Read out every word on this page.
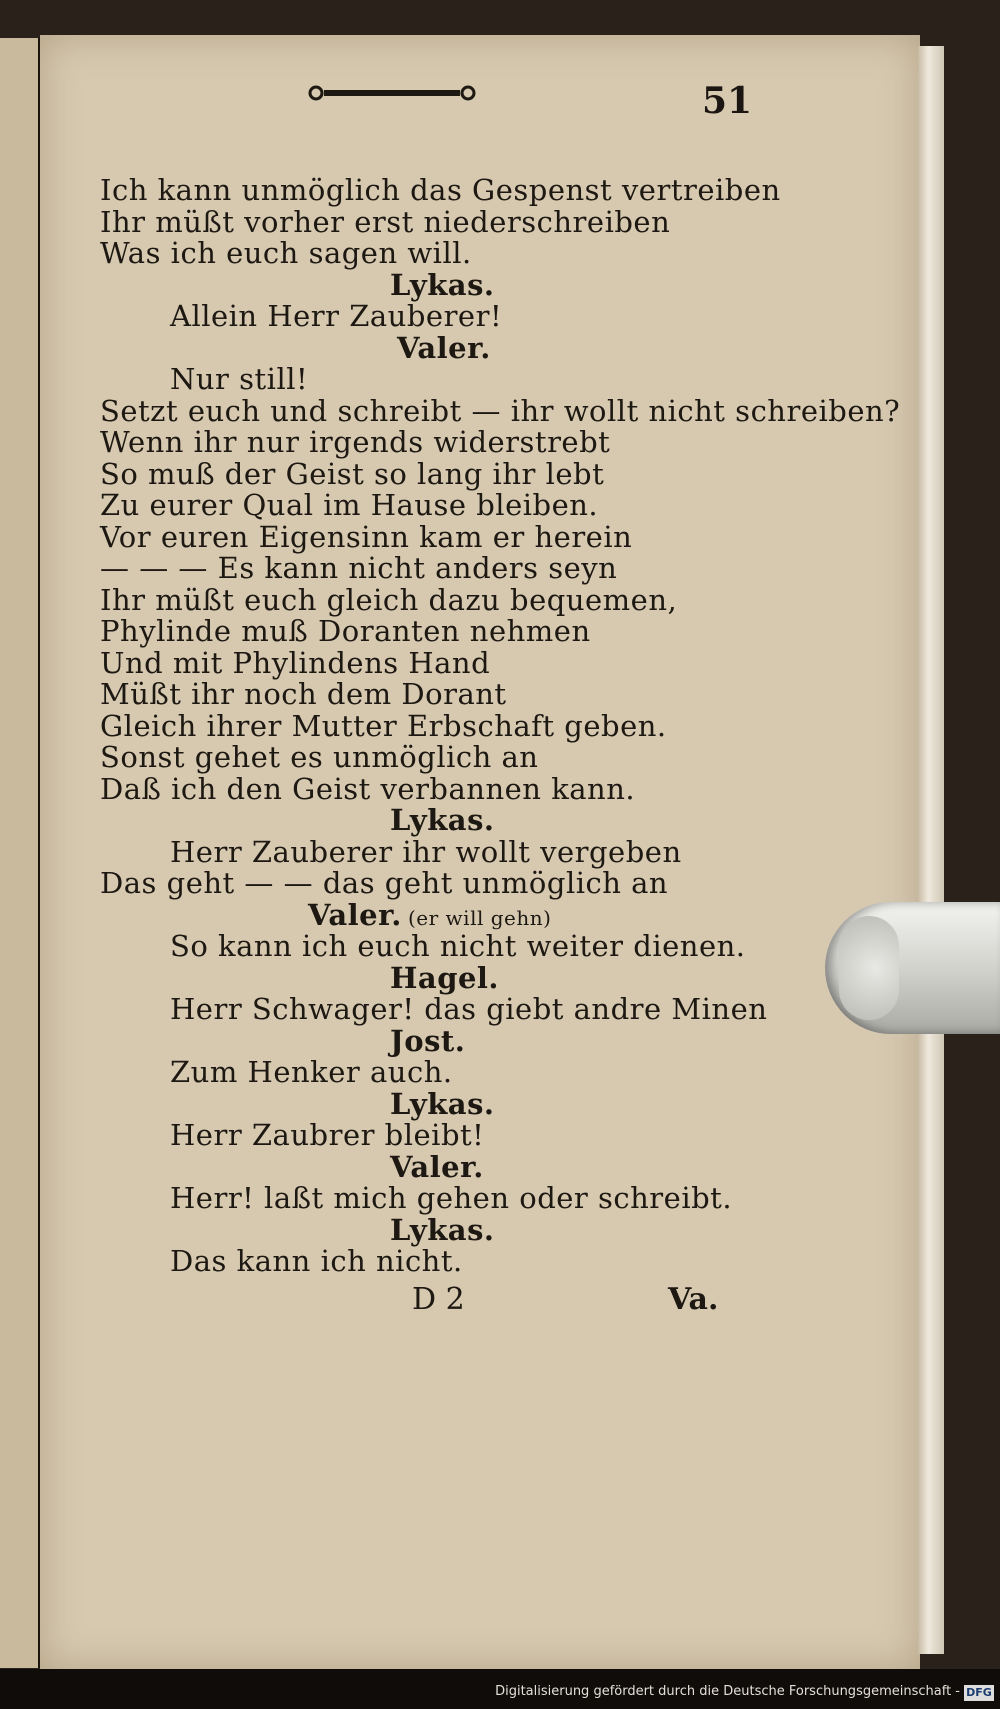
51
Ich kann unmöglich das Gespenst vertreiben
Ihr müßt vorher erst niederschreiben
Was ich euch sagen will.
Lykas.
Allein Herr Zauberer!
Valer.
Nur still!
Setzt euch und schreibt — ihr wollt nicht schreiben?
Wenn ihr nur irgends widerstrebt
So muß der Geist so lang ihr lebt
Zu eurer Qual im Hause bleiben.
Vor euren Eigensinn kam er herein
— — — Es kann nicht anders seyn
Ihr müßt euch gleich dazu bequemen,
Phylinde muß Doranten nehmen
Und mit Phylindens Hand
Müßt ihr noch dem Dorant
Gleich ihrer Mutter Erbschaft geben.
Sonst gehet es unmöglich an
Daß ich den Geist verbannen kann.
Lykas.
Herr Zauberer ihr wollt vergeben
Das geht — — das geht unmöglich an
Valer. (er will gehn)
So kann ich euch nicht weiter dienen.
Hagel.
Herr Schwager! das giebt andre Minen
Jost.
Zum Henker auch.
Lykas.
Herr Zaubrer bleibt!
Valer.
Herr! laßt mich gehen oder schreibt.
Lykas.
Das kann ich nicht.
D 2	Va.
Digitalisierung gefördert durch die Deutsche Forschungsgemeinschaft - DFG
